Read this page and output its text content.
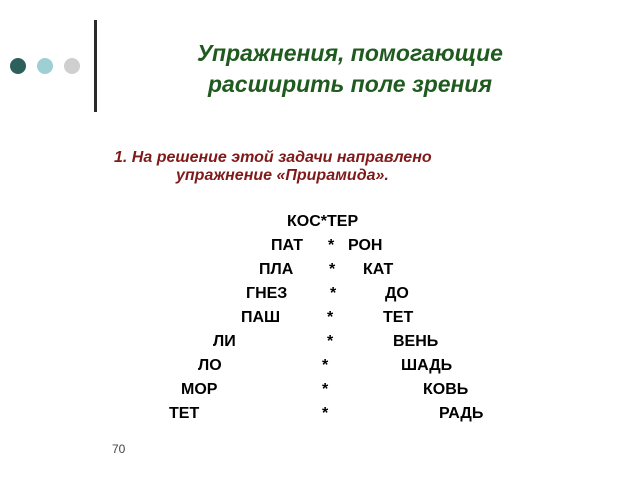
Упражнения, помогающие
расширить поле зрения
1. На решение этой задачи направлено
упражнение «Прирамида».
КОС*ТЕР
ПАТ * РОН
ПЛА * КАТ
ГНЕЗ	*	ДО
ПАШ	*	ТЕТ
ЛИ	*	ВЕНЬ
ЛО	*	ШАДЬ
МОР	*	КОВЬ
ТЕТ	*	РАДЬ
70
